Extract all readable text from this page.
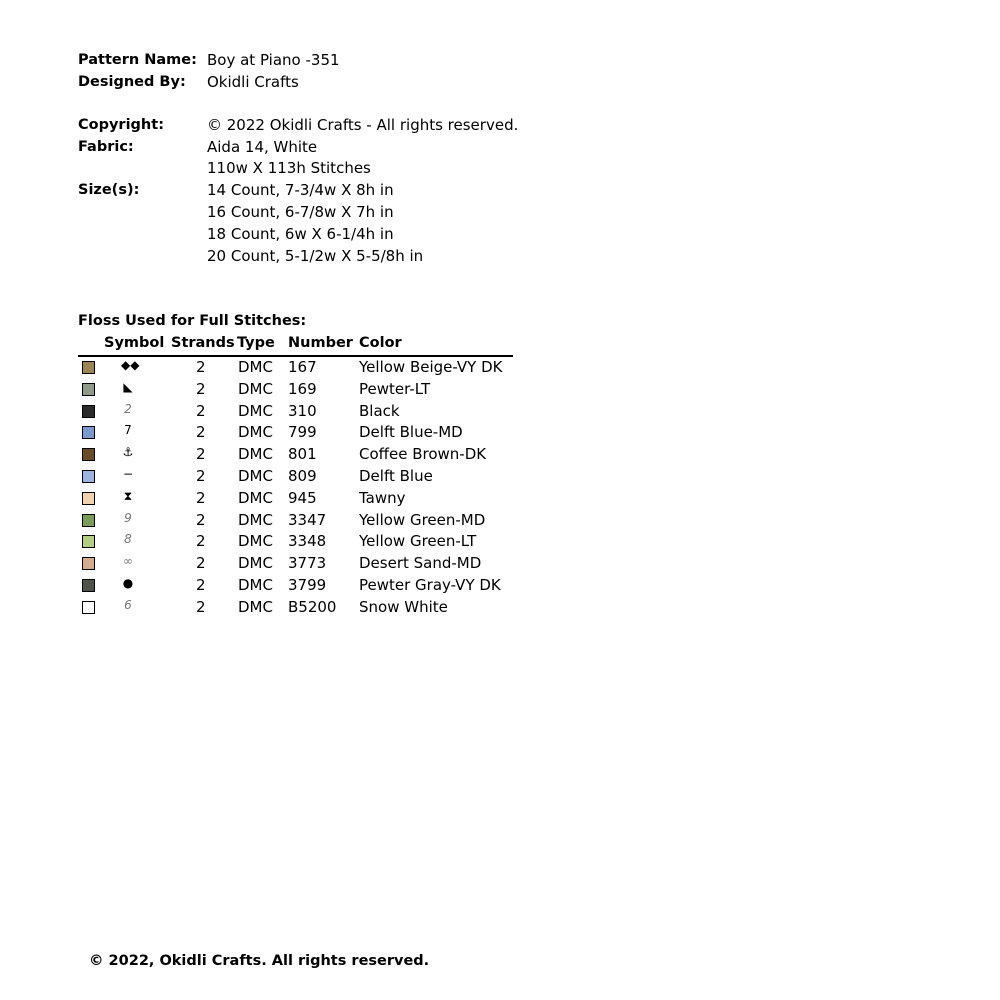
Pattern Name: Boy at Piano -351
Designed By: Okidli Crafts
Copyright:	© 2022 Okidli Crafts - All rights reserved.
Fabric:	Aida 14, White
110w X 113h Stitches
Size(s):	14 Count, 7-3/4w X 8h in
16 Count, 6-7/8w X 7h in
18 Count, 6w X 6-1/4h in
20 Count, 5-1/2w X 5-5/8h in
Floss Used for Full Stitches:
Symbol Strands Type Number Color
◆◆	2 DMC 167	Yellow Beige-VY DK
◣	2 DMC 169	Pewter-LT
2	2 DMC 310	Black
7	2 DMC 799	Delft Blue-MD
⚓	2 DMC 801	Coffee Brown-DK
−	2 DMC 809	Delft Blue
⧗	2 DMC 945	Tawny
9	2 DMC 3347 Yellow Green-MD
8	2 DMC 3348 Yellow Green-LT
∞	2 DMC 3773 Desert Sand-MD
●	2 DMC 3799 Pewter Gray-VY DK
6	2 DMC B5200 Snow White
© 2022, Okidli Crafts. All rights reserved.
